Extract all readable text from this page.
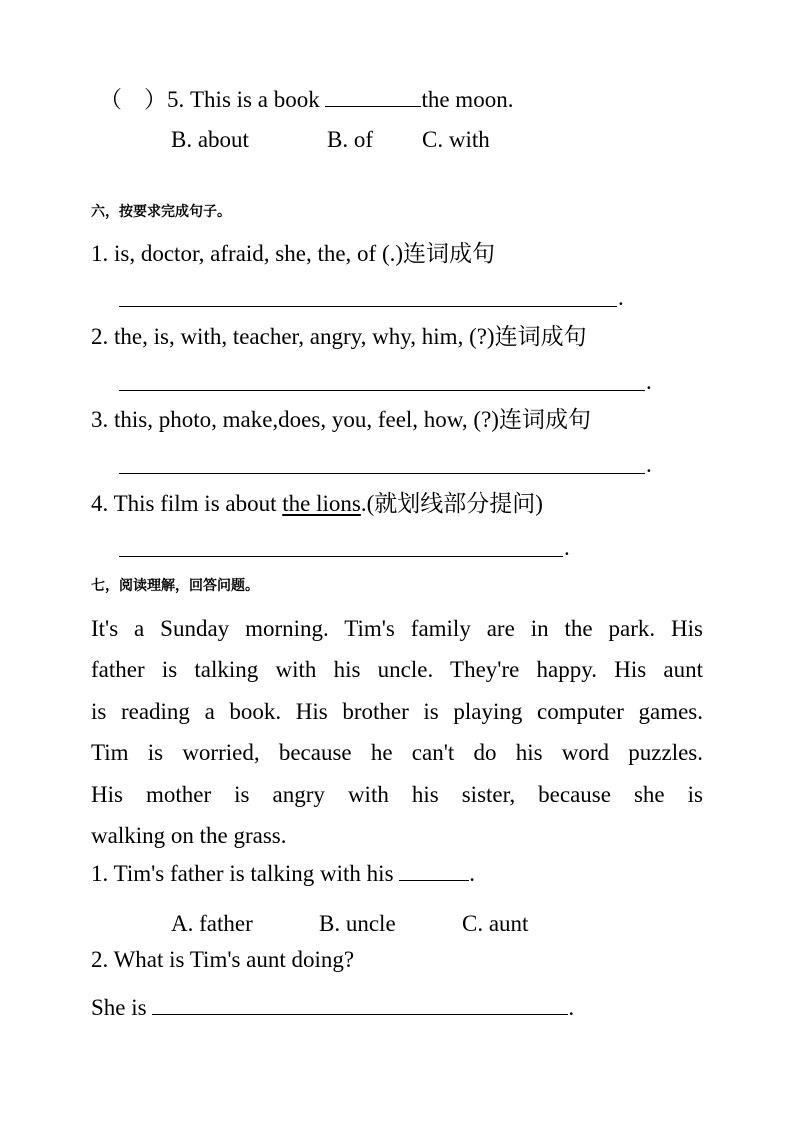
（ ）5. This is a book	the moon.
B. about	B. of C. with
六，按要求完成句子。
1. is, doctor, afraid, she, the, of (.)连词成句
.
2. the, is, with, teacher, angry, why, him, (?)连词成句
.
3. this, photo, make,does, you, feel, how, (?)连词成句
.
4. This film is about the lions.(就划线部分提问)
.
七，阅读理解，回答问题。
It's a Sunday morning. Tim's family are in the park. His
father is talking with his uncle. They're happy. His aunt
is reading a book. His brother is playing computer games.
Tim is worried, because he can't do his word puzzles.
His mother is angry with his sister, because she is
walking on the grass.
1. Tim's father is talking with his	.
A. father	B. uncle	C. aunt
2. What is Tim's aunt doing?
She is	.
